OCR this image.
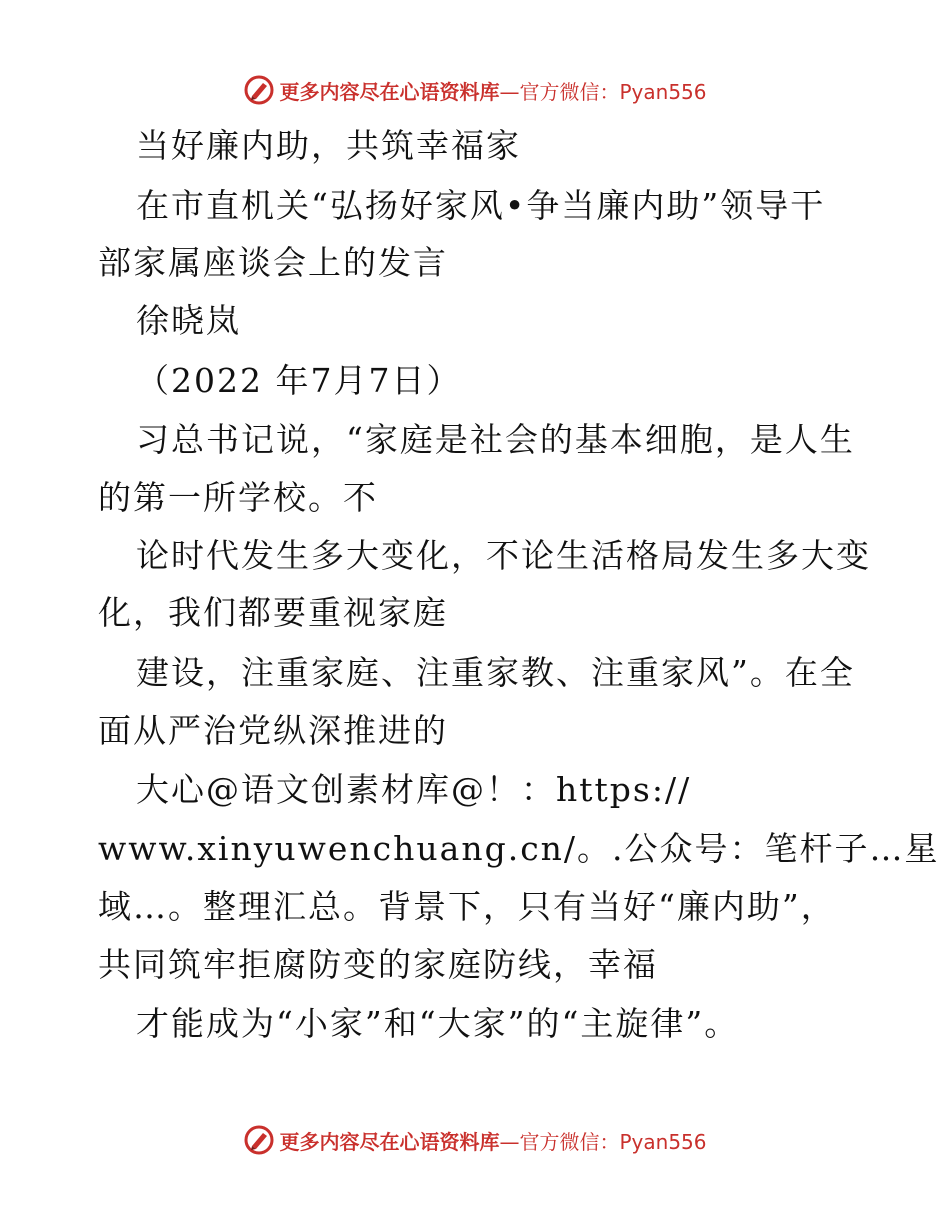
更多内容尽在心语资料库—官方微信：Pyan556
当好廉内助，共筑幸福家
在市直机关“弘扬好家风•争当廉内助”领导干
部家属座谈会上的发言
徐晓岚
（2022 年7月7日）
习总书记说，“家庭是社会的基本细胞，是人生
的第一所学校。不
论时代发生多大变化，不论生活格局发生多大变
化，我们都要重视家庭
建设，注重家庭、注重家教、注重家风”。在全
面从严治党纵深推进的
大心@语文创素材库@！：https://
www.xinyuwenchuang.cn/。.公众号：笔杆子…星
域…。整理汇总。背景下，只有当好“廉内助”，
共同筑牢拒腐防变的家庭防线，幸福
才能成为“小家”和“大家”的“主旋律”。
更多内容尽在心语资料库—官方微信：Pyan556
